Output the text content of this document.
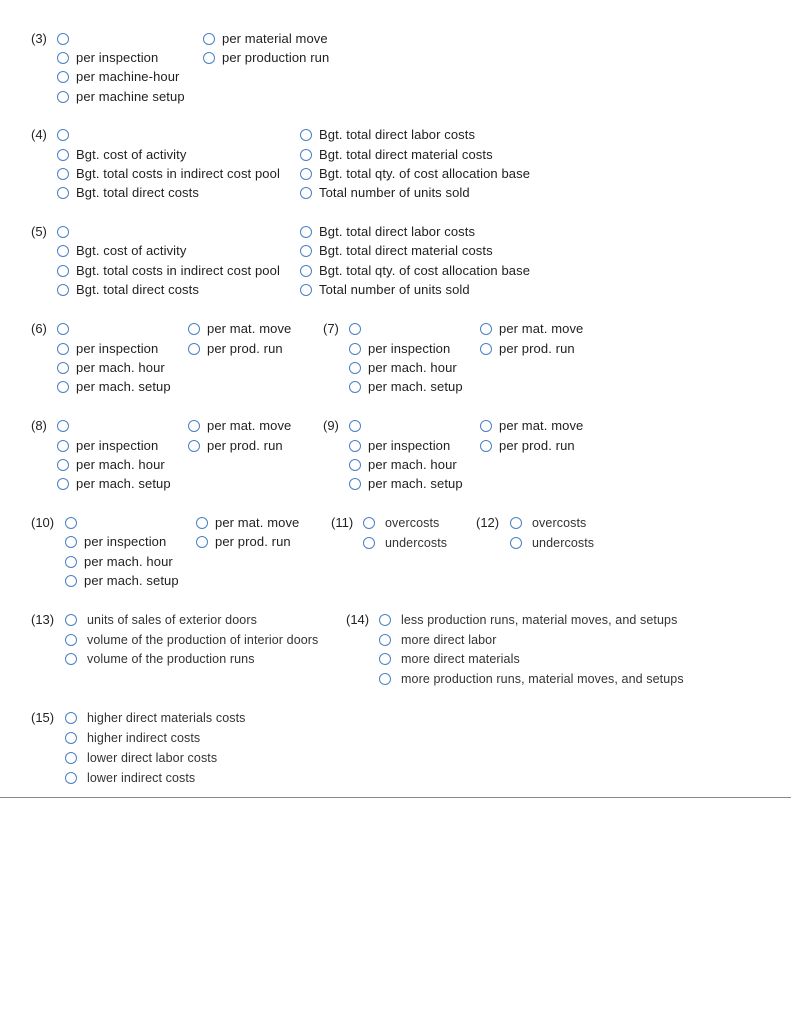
(3)
per inspection
per machine-hour
per machine setup
per material move
per production run
(4)
Bgt. cost of activity
Bgt. total costs in indirect cost pool
Bgt. total direct costs
Bgt. total direct labor costs
Bgt. total direct material costs
Bgt. total qty. of cost allocation base
Total number of units sold
(5)
Bgt. cost of activity
Bgt. total costs in indirect cost pool
Bgt. total direct costs
Bgt. total direct labor costs
Bgt. total direct material costs
Bgt. total qty. of cost allocation base
Total number of units sold
(6)
per inspection
per mach. hour
per mach. setup
per mat. move
per prod. run
(7)
per inspection
per mach. hour
per mach. setup
per mat. move
per prod. run
(8)
per inspection
per mach. hour
per mach. setup
per mat. move
per prod. run
(9)
per inspection
per mach. hour
per mach. setup
per mat. move
per prod. run
(10)
per inspection
per mach. hour
per mach. setup
per mat. move
per prod. run
(11)	overcosts
undercosts
(12)	overcosts
undercosts
(13)	units of sales of exterior doors
volume of the production of interior doors
volume of the production runs
(14)	less production runs, material moves, and setups
more direct labor
more direct materials
more production runs, material moves, and setups
(15)	higher direct materials costs
higher indirect costs
lower direct labor costs
lower indirect costs
